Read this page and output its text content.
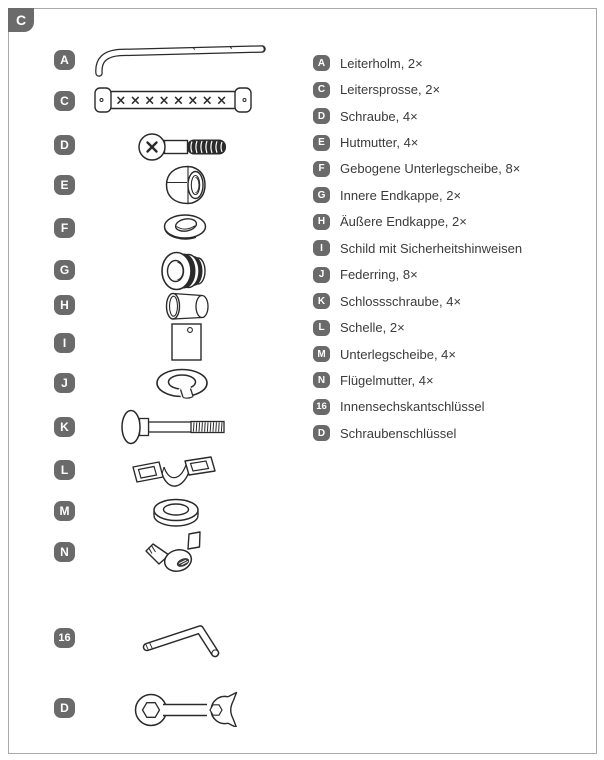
C
A
C
D
E
F
G
H
I
J
K
L
M
N
16
D
××××××××
A	Leiterholm, 2×
C	Leitersprosse, 2×
D	Schraube, 4×
E	Hutmutter, 4×
F	Gebogene Unterlegscheibe, 8×
G	Innere Endkappe, 2×
H	Äußere Endkappe, 2×
I	Schild mit Sicherheitshinweisen
J	Federring, 8×
K	Schlossschraube, 4×
L	Schelle, 2×
M	Unterlegscheibe, 4×
N	Flügelmutter, 4×
16 Innensechskantschlüssel
D	Schraubenschlüssel
